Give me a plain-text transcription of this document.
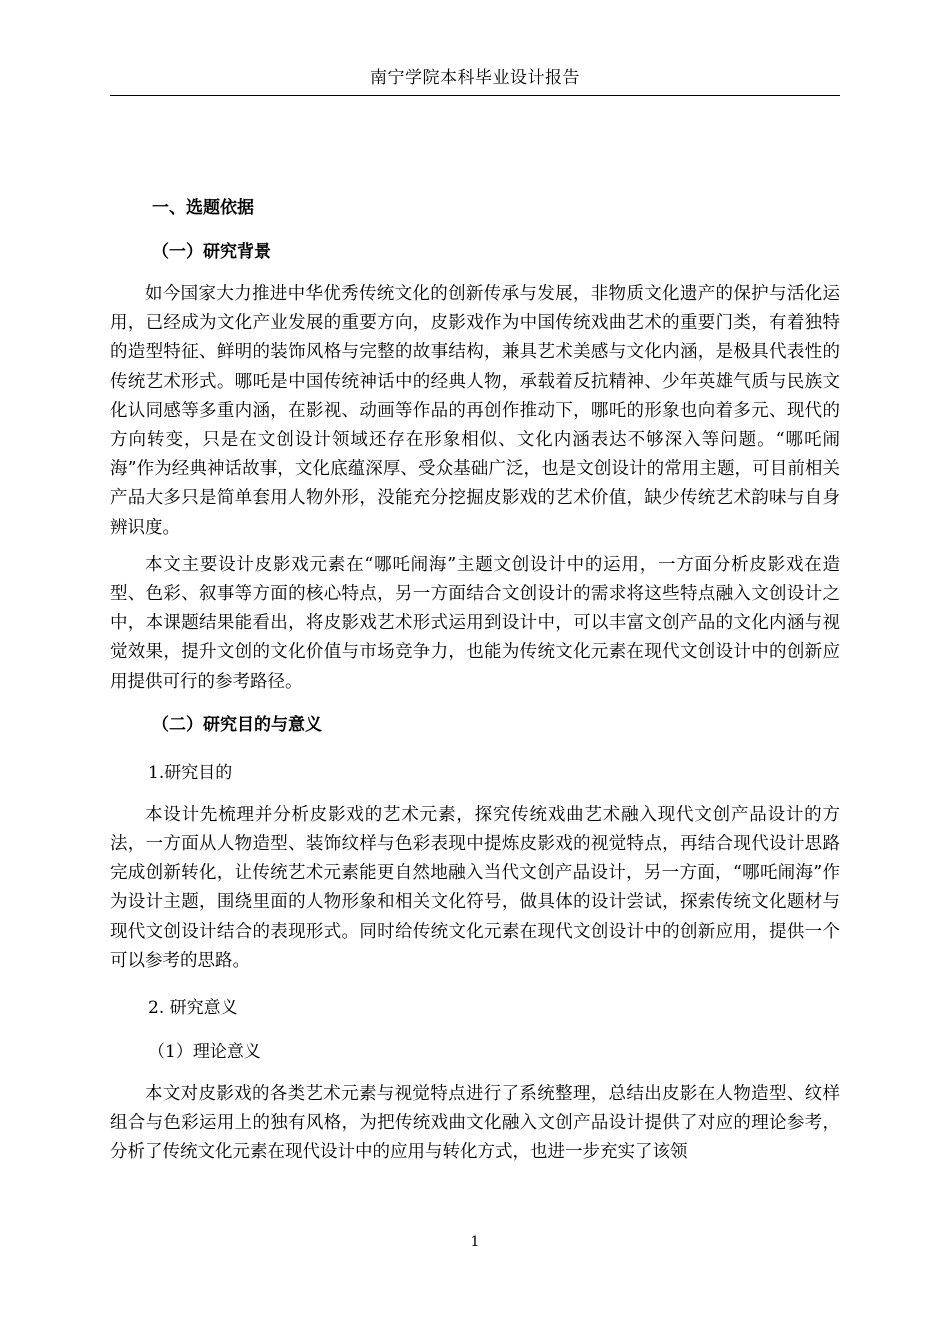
南宁学院本科毕业设计报告
一、选题依据
（一）研究背景

如今国家大力推进中华优秀传统文化的创新传承与发展，非物质文化遗产的保护与活化运用，已经成为文化产业发展的重要方向，皮影戏作为中国传统戏曲艺术的重要门类，有着独特的造型特征、鲜明的装饰风格与完整的故事结构，兼具艺术美感与文化内涵，是极具代表性的传统艺术形式。哪吒是中国传统神话中的经典人物，承载着反抗精神、少年英雄气质与民族文化认同感等多重内涵，在影视、动画等作品的再创作推动下，哪吒的形象也向着多元、现代的方向转变，只是在文创设计领域还存在形象相似、文化内涵表达不够深入等问题。“哪吒闹海”作为经典神话故事，文化底蕴深厚、受众基础广泛，也是文创设计的常用主题，可目前相关产品大多只是简单套用人物外形，没能充分挖掘皮影戏的艺术价值，缺少传统艺术韵味与自身辨识度。

本文主要设计皮影戏元素在“哪吒闹海”主题文创设计中的运用，一方面分析皮影戏在造型、色彩、叙事等方面的核心特点，另一方面结合文创设计的需求将这些特点融入文创设计之中，本课题结果能看出，将皮影戏艺术形式运用到设计中，可以丰富文创产品的文化内涵与视觉效果，提升文创的文化价值与市场竞争力，也能为传统文化元素在现代文创设计中的创新应用提供可行的参考路径。

（二）研究目的与意义
1.研究目的

本设计先梳理并分析皮影戏的艺术元素，探究传统戏曲艺术融入现代文创产品设计的方法，一方面从人物造型、装饰纹样与色彩表现中提炼皮影戏的视觉特点，再结合现代设计思路完成创新转化，让传统艺术元素能更自然地融入当代文创产品设计，另一方面，“哪吒闹海”作为设计主题，围绕里面的人物形象和相关文化符号，做具体的设计尝试，探索传统文化题材与现代文创设计结合的表现形式。同时给传统文化元素在现代文创设计中的创新应用，提供一个可以参考的思路。

2. 研究意义
（1）理论意义

本文对皮影戏的各类艺术元素与视觉特点进行了系统整理，总结出皮影在人物造型、纹样组合与色彩运用上的独有风格，为把传统戏曲文化融入文创产品设计提供了对应的理论参考，分析了传统文化元素在现代设计中的应用与转化方式，也进一步充实了该领

1
